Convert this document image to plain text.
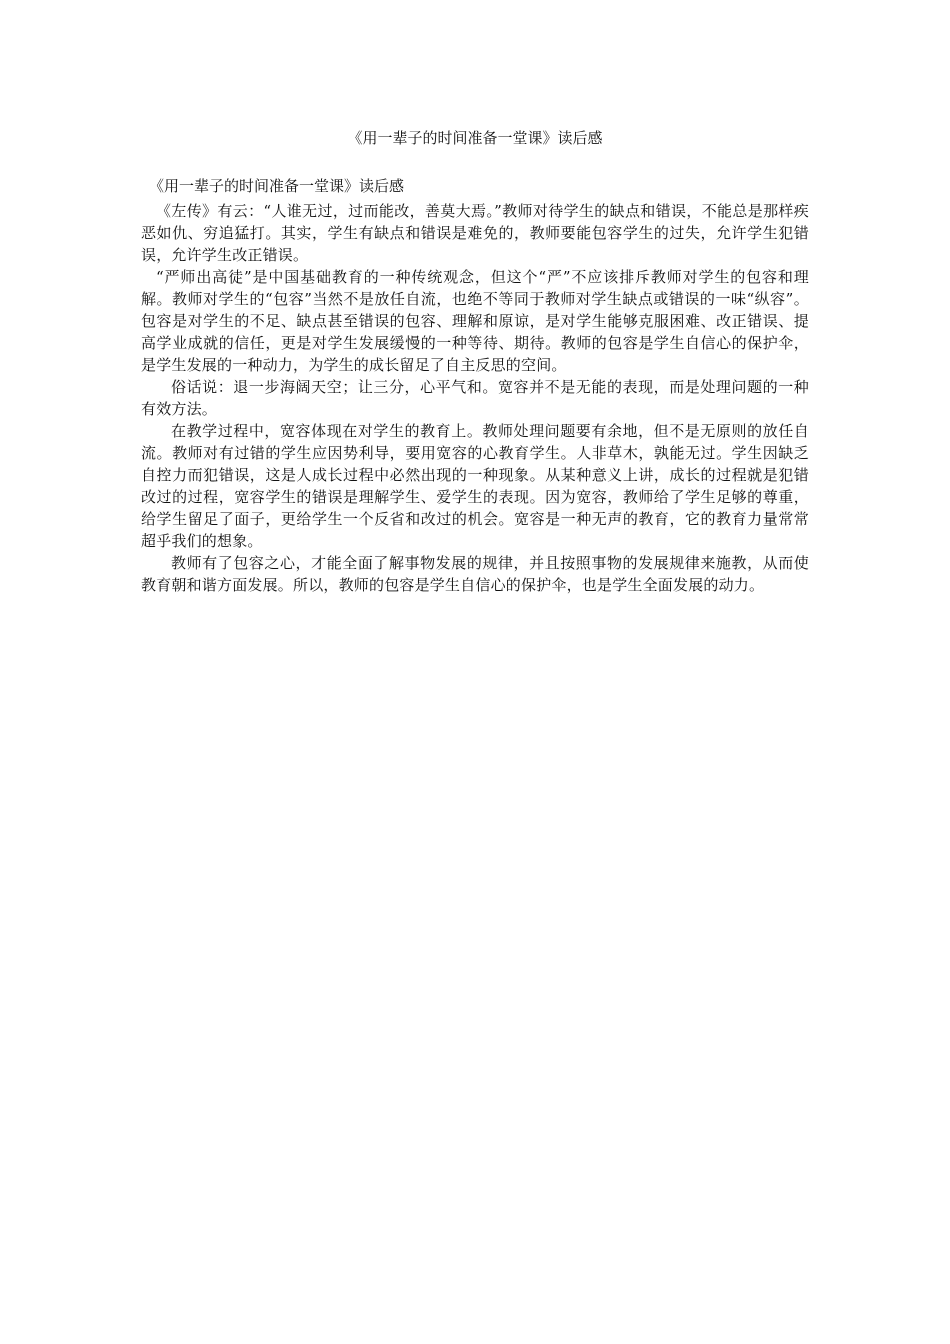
《用一辈子的时间准备一堂课》读后感

《用一辈子的时间准备一堂课》读后感

《左传》有云：“人谁无过，过而能改，善莫大焉。”教师对待学生的缺点和错误，不能总是那样疾恶如仇、穷追猛打。其实，学生有缺点和错误是难免的，教师要能包容学生的过失，允许学生犯错误，允许学生改正错误。

“严师出高徒”是中国基础教育的一种传统观念，但这个“严”不应该排斥教师对学生的包容和理解。教师对学生的“包容”当然不是放任自流，也绝不等同于教师对学生缺点或错误的一味“纵容”。包容是对学生的不足、缺点甚至错误的包容、理解和原谅，是对学生能够克服困难、改正错误、提高学业成就的信任，更是对学生发展缓慢的一种等待、期待。教师的包容是学生自信心的保护伞，是学生发展的一种动力，为学生的成长留足了自主反思的空间。

俗话说：退一步海阔天空；让三分，心平气和。宽容并不是无能的表现，而是处理问题的一种有效方法。

在教学过程中，宽容体现在对学生的教育上。教师处理问题要有余地，但不是无原则的放任自流。教师对有过错的学生应因势利导，要用宽容的心教育学生。人非草木，孰能无过。学生因缺乏自控力而犯错误，这是人成长过程中必然出现的一种现象。从某种意义上讲，成长的过程就是犯错改过的过程，宽容学生的错误是理解学生、爱学生的表现。因为宽容，教师给了学生足够的尊重，给学生留足了面子，更给学生一个反省和改过的机会。宽容是一种无声的教育，它的教育力量常常超乎我们的想象。

教师有了包容之心，才能全面了解事物发展的规律，并且按照事物的发展规律来施教，从而使教育朝和谐方面发展。所以，教师的包容是学生自信心的保护伞，也是学生全面发展的动力。
